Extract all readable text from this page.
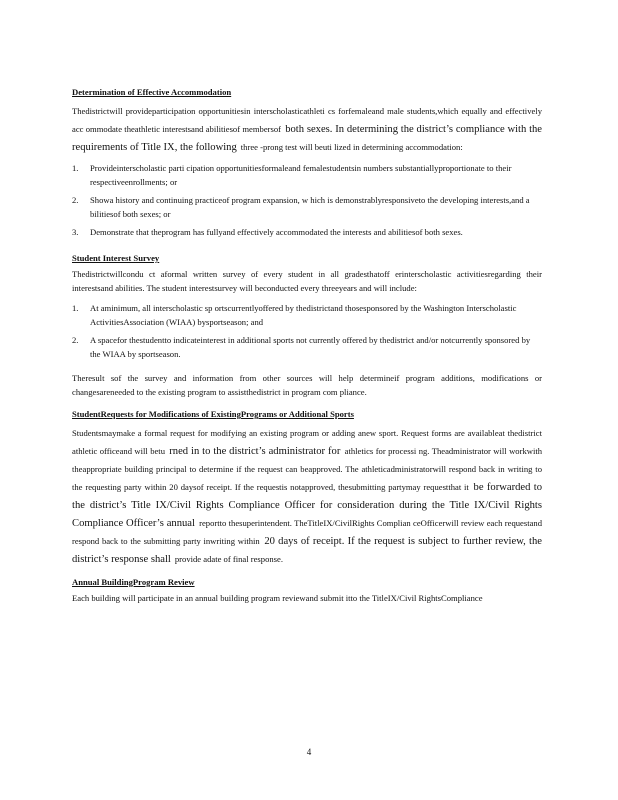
Determination of Effective Accommodation

Thedistrictwill provideparticipation opportunitiesin interscholasticathleti cs forfemaleand male students,which equally and effectively acc ommodate theathletic interestsand abilitiesof membersof both sexes. In determining the district’s compliance with the requirements of Title IX, the following three -prong test will beuti lized in determining accommodation:

1. Provideinterscholastic parti cipation opportunitiesformaleand femalestudentsin numbers substantiallyproportionate to their respectiveenrollments; or
2. Showa history and continuing practiceof program expansion, w hich is demonstrablyresponsiveto the developing interests,and a bilitiesof both sexes; or
3. Demonstrate that theprogram has fullyand effectively accommodated the interests and abilitiesof both sexes.

Student Interest Survey

Thedistrictwillcondu ct aformal written survey of every student in all gradesthatoff erinterscholastic activitiesregarding their interestsand abilities. The student interestsurvey will beconducted every threeyears and will include:

1. At aminimum, all interscholastic sp ortscurrentlyoffered by thedistrictand thosesponsored by the Washington Interscholastic ActivitiesAssociation (WIAA) bysportseason; and
2. A spacefor thestudentto indicateinterest in additional sports not currently offered by thedistrict and/or notcurrently sponsored by the WIAA by sportseason.

Theresult sof the survey and information from other sources will help determineif program additions, modifications or changesareneeded to the existing program to assistthedistrict in program com pliance.

StudentRequests for Modifications of ExistingPrograms or Additional Sports

Studentsmaymake a formal request for modifying an existing program or adding anew sport. Request forms are availableat thedistrict athletic officeand will betu rned in to the district’s administrator for athletics for processi ng. Theadministrator will workwith theappropriate building principal to determine if the request can beapproved. The athleticadministratorwill respond back in writing to the requesting party within 20 daysof receipt. If the requestis notapproved, thesubmitting partymay requestthat it be forwarded to the district’s Title IX/Civil Rights Compliance Officer for consideration during the Title IX/Civil Rights Compliance Officer’s annual reportto thesuperintendent. TheTitleIX/CivilRights Complian ceOfficerwill review each requestand respond back to the submitting party inwriting within 20 days of receipt. If the request is subject to further review, the district’s response shall provide adate of final response.

Annual BuildingProgram Review

Each building will participate in an annual building program reviewand submit itto the TitleIX/Civil RightsCompliance

4
